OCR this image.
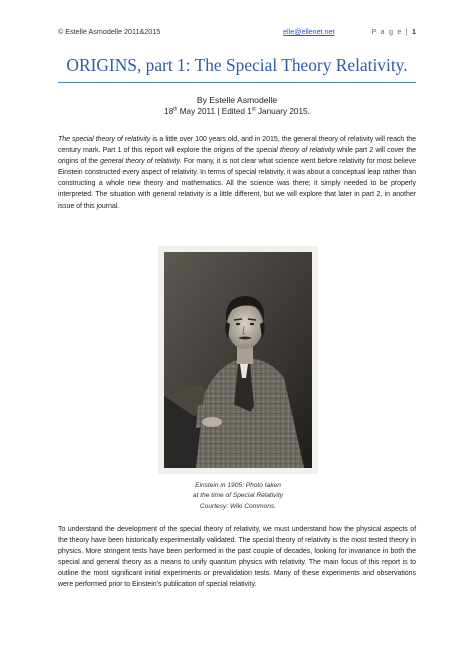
© Estelle Asmodelle 2011&2015	elle@ellenet.net	P a g e | 1
ORIGINS, part 1: The Special Theory Relativity.
By Estelle Asmodelle
18th May 2011 | Edited 1st January 2015.

The special theory of relativity is a little over 100 years old, and in 2015, the general theory of relativity will reach the century mark. Part 1 of this report will explore the origins of the special theory of relativity while part 2 will cover the origins of the general theory of relativity. For many, it is not clear what science went before relativity for most believe Einstein constructed every aspect of relativity. In terms of special relativity, it was about a conceptual leap rather than constructing a whole new theory and mathematics. All the science was there; it simply needed to be properly interpreted. The situation with general relativity is a little different, but we will explore that later in part 2, in another issue of this journal.

Einstein in 1905: Photo taken
at the time of Special Relativity
Courtesy: Wiki Commons.

To understand the development of the special theory of relativity, we must understand how the physical aspects of the theory have been historically experimentally validated. The special theory of relativity is the most tested theory in physics. More stringent tests have been performed in the past couple of decades, looking for invariance in both the special and general theory as a means to unify quantum physics with relativity. The main focus of this report is to outline the most significant initial experiments or prevalidation tests. Many of these experiments and observations were performed prior to Einstein's publication of special relativity.
